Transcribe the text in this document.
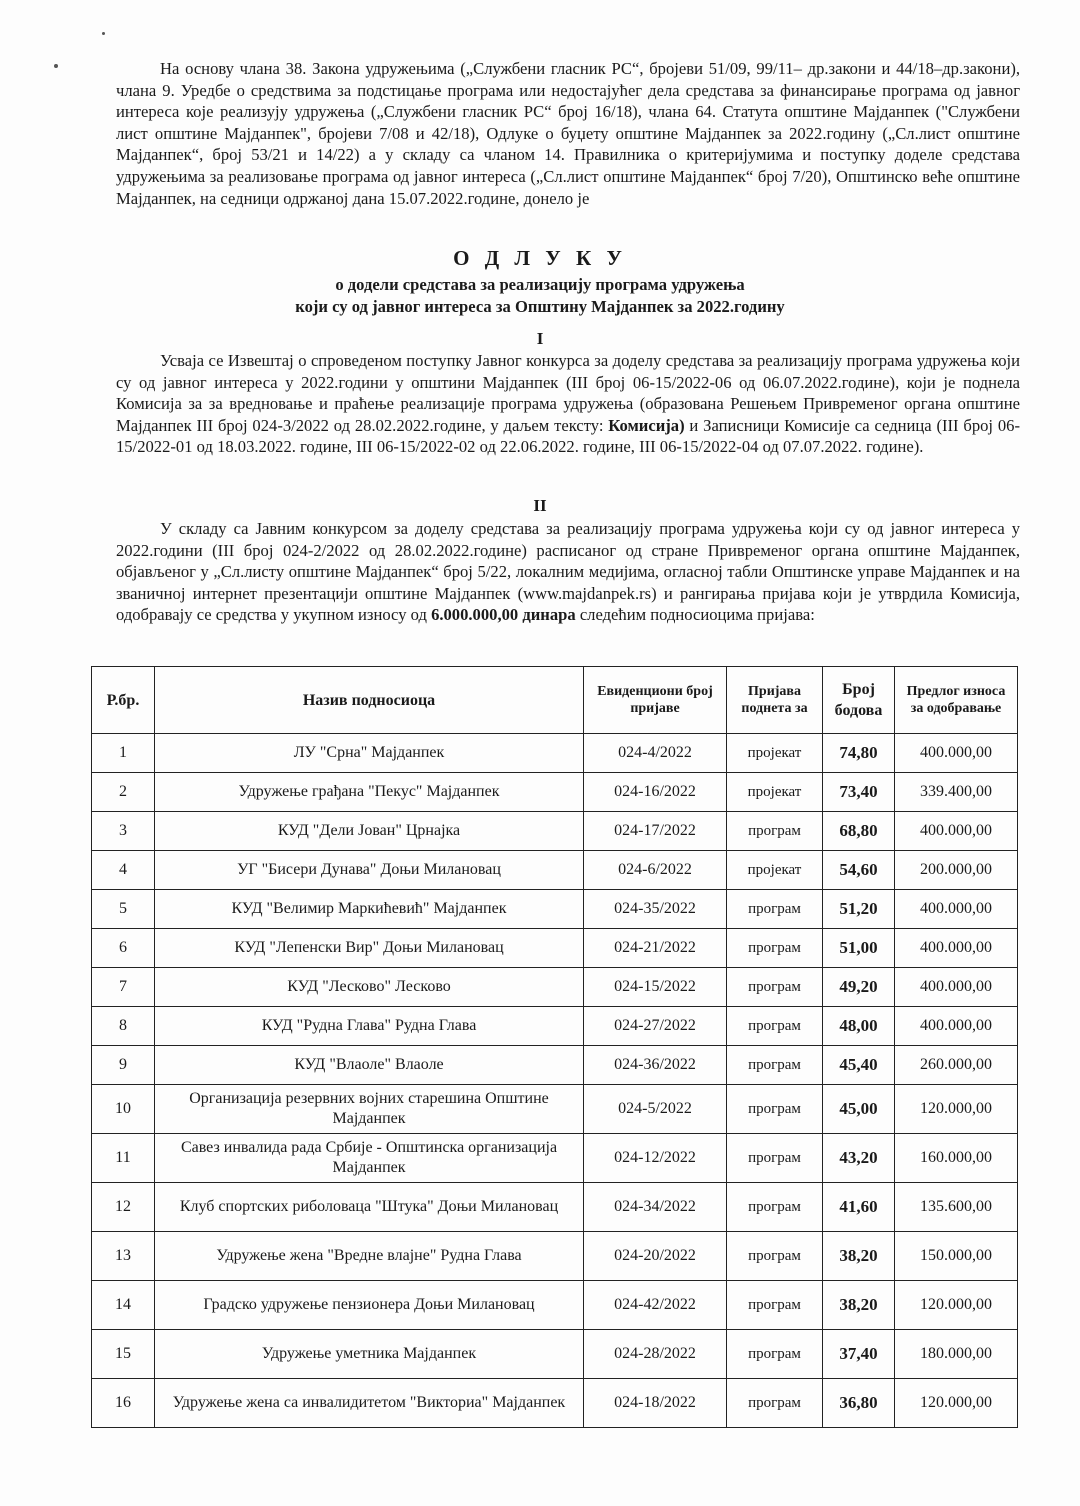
На основу члана 38. Закона удружењима („Службени гласник РС“, бројеви 51/09, 99/11– др.закони и 44/18–др.закони), члана 9. Уредбе о средствима за подстицање програма или недостајућег дела средстава за финансирање програма од јавног интереса које реализују удружења („Службени гласник РС“ број 16/18), члана 64. Статута општине Мајданпек ("Службени лист општине Мајданпек", бројеви 7/08 и 42/18), Одлуке о буџету општине Мајданпек за 2022.годину („Сл.лист општине Мајданпек“, број 53/21 и 14/22) а у складу са чланом 14. Правилника о критеријумима и поступку доделе средстава удружењима за реализовање програма од јавног интереса („Сл.лист општине Мајданпек“ број 7/20), Општинско веће општине Мајданпек, на седници одржаној дана 15.07.2022.године, донело је

О Д Л У К У
о додели средстава за реализацију програма удружења
који су од јавног интереса за Општину Мајданпек за 2022.годину
I

Усваја се Извештај о спроведеном поступку Јавног конкурса за доделу средстава за реализацију програма удружења који су од јавног интереса у 2022.години у општини Мајданпек (III број 06-15/2022-06 од 06.07.2022.године), који је поднела Комисија за за вредновање и праћење реализације програма удружења (образована Решењем Привременог органа општине Мајданпек III број 024-3/2022 од 28.02.2022.године, у даљем тексту: Комисија) и Записници Комисије са седница (III број 06-15/2022-01 од 18.03.2022. године, III 06-15/2022-02 од 22.06.2022. године, III 06-15/2022-04 од 07.07.2022. године).

II

У складу са Јавним конкурсом за доделу средстава за реализацију програма удружења који су од јавног интереса у 2022.години (III број 024-2/2022 од 28.02.2022.године) расписаног од стране Привременог органа општине Мајданпек, објављеног у „Сл.листу општине Мајданпек“ број 5/22, локалним медијима, огласној табли Општинске управе Мајданпек и на званичној интернет презентацији општине Мајданпек (www.majdanpek.rs) и рангирања пријава који је утврдила Комисија, одобравају се средства у укупном износу од 6.000.000,00 динара следећим подносиоцима пријава:

Р.бр.	Назив подносиоца	Евиденциони број пријаве	Пријава поднета за	Број бодова	Предлог износа за одобравање
1	ЛУ "Срна" Мајданпек	024-4/2022	пројекат	74,80	400.000,00
2	Удружење грађана "Пекус" Мајданпек	024-16/2022	пројекат	73,40	339.400,00
3	КУД "Дели Јован" Црнајка	024-17/2022	програм	68,80	400.000,00
4	УГ "Бисери Дунава" Доњи Милановац	024-6/2022	пројекат	54,60	200.000,00
5	КУД "Велимир Маркићевић" Мајданпек	024-35/2022	програм	51,20	400.000,00
6	КУД "Лепенски Вир" Доњи Милановац	024-21/2022	програм	51,00	400.000,00
7	КУД "Лесково" Лесково	024-15/2022	програм	49,20	400.000,00
8	КУД "Рудна Глава" Рудна Глава	024-27/2022	програм	48,00	400.000,00
9	КУД "Влаоле" Влаоле	024-36/2022	програм	45,40	260.000,00
10	Организација резервних војних старешина Општине Мајданпек	024-5/2022	програм	45,00	120.000,00
11	Савез инвалида рада Србије - Општинска организација Мајданпек	024-12/2022	програм	43,20	160.000,00
12	Клуб спортских риболоваца "Штука" Доњи Милановац	024-34/2022	програм	41,60	135.600,00
13	Удружење жена "Вредне влајне" Рудна Глава	024-20/2022	програм	38,20	150.000,00
14	Градско удружење пензионера Доњи Милановац	024-42/2022	програм	38,20	120.000,00
15	Удружење уметника Мајданпек	024-28/2022	програм	37,40	180.000,00
16	Удружење жена са инвалидитетом "Викториа" Мајданпек	024-18/2022	програм	36,80	120.000,00
